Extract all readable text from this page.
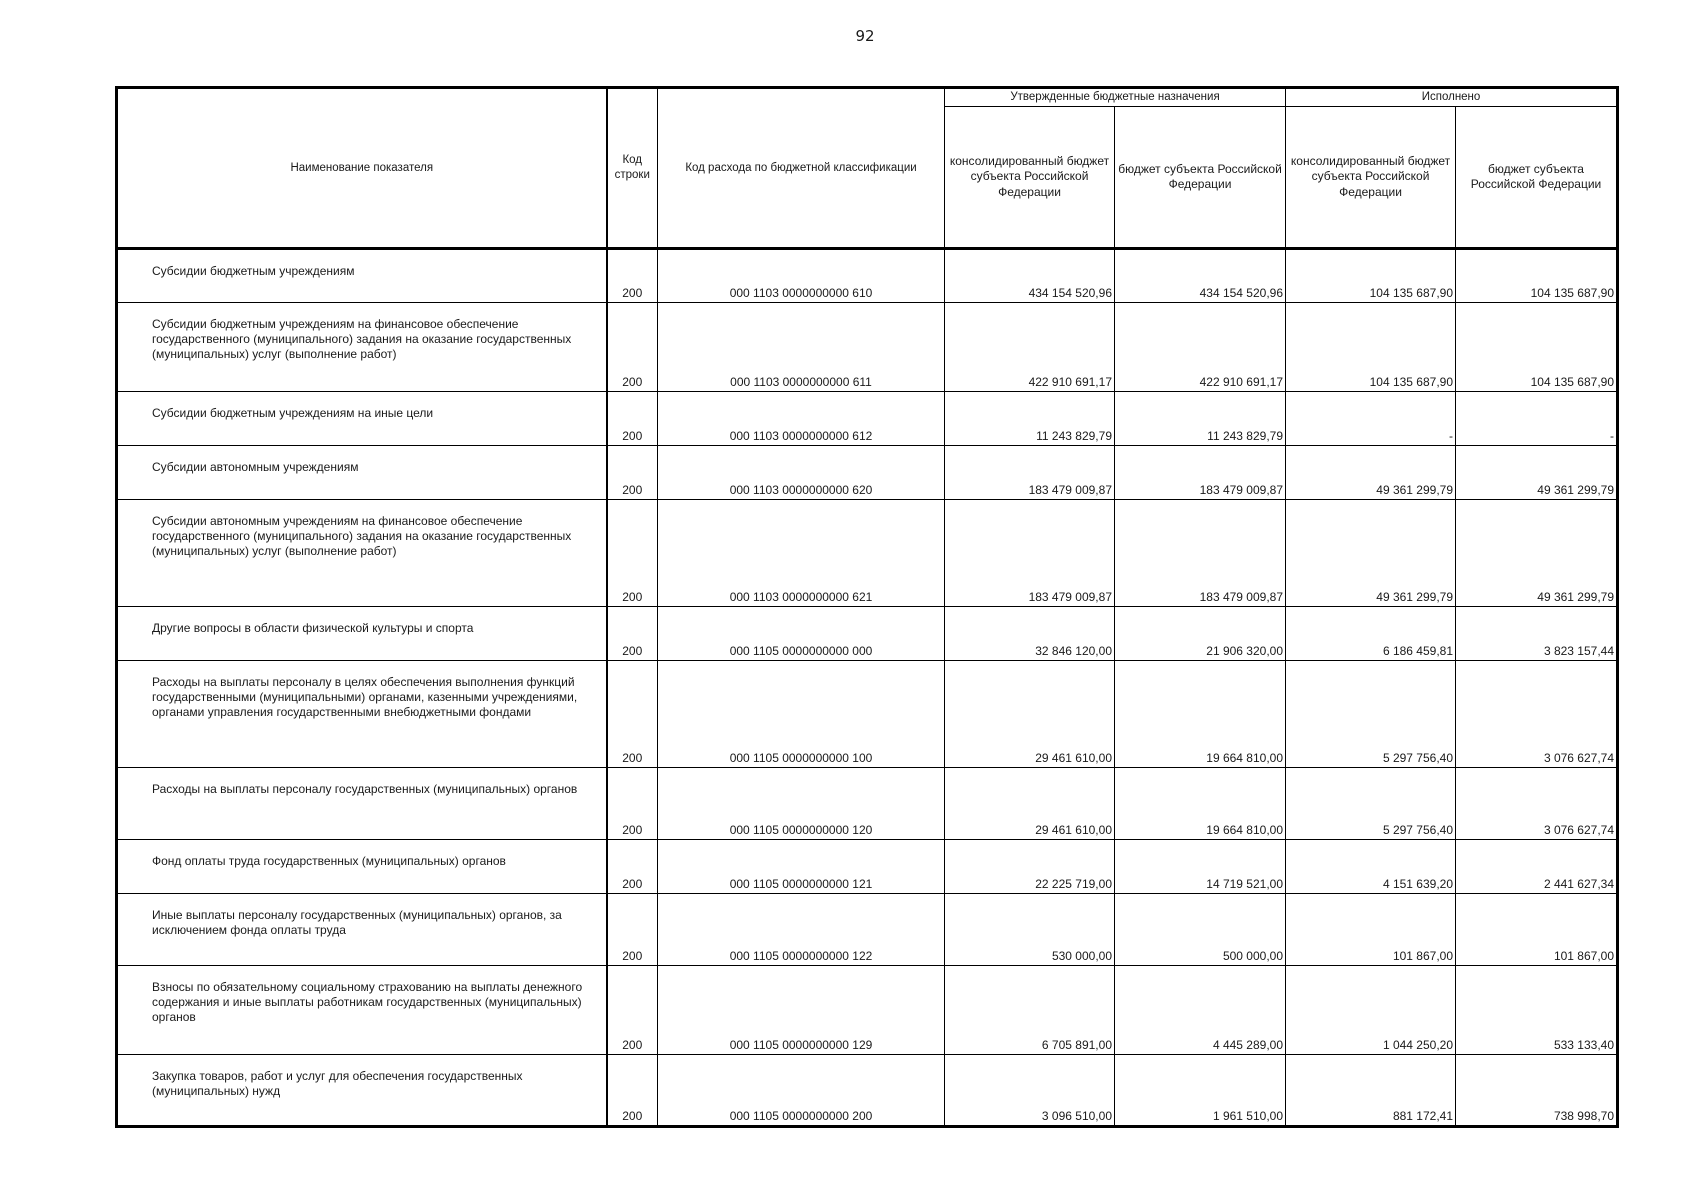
92
Наименование показателя	Код строки	Код расхода по бюджетной классификации	Утвержденные бюджетные назначения		Исполнено	
			консолидированный бюджет субъекта Российской Федерации	бюджет субъекта Российской Федерации	консолидированный бюджет субъекта Российской Федерации	бюджет субъекта Российской Федерации
Субсидии бюджетным учреждениям	200	000 1103 0000000000 610	434 154 520,96	434 154 520,96	104 135 687,90	104 135 687,90
Субсидии бюджетным учреждениям на финансовое обеспечение государственного (муниципального) задания на оказание государственных (муниципальных) услуг (выполнение работ)	200	000 1103 0000000000 611	422 910 691,17	422 910 691,17	104 135 687,90	104 135 687,90
Субсидии бюджетным учреждениям на иные цели	200	000 1103 0000000000 612	11 243 829,79	11 243 829,79	-	-
Субсидии автономным учреждениям	200	000 1103 0000000000 620	183 479 009,87	183 479 009,87	49 361 299,79	49 361 299,79
Субсидии автономным учреждениям на финансовое обеспечение государственного (муниципального) задания на оказание государственных (муниципальных) услуг (выполнение работ)	200	000 1103 0000000000 621	183 479 009,87	183 479 009,87	49 361 299,79	49 361 299,79
Другие вопросы в области физической культуры и спорта	200	000 1105 0000000000 000	32 846 120,00	21 906 320,00	6 186 459,81	3 823 157,44
Расходы на выплаты персоналу в целях обеспечения выполнения функций государственными (муниципальными) органами, казенными учреждениями, органами управления государственными внебюджетными фондами	200	000 1105 0000000000 100	29 461 610,00	19 664 810,00	5 297 756,40	3 076 627,74
Расходы на выплаты персоналу государственных (муниципальных) органов	200	000 1105 0000000000 120	29 461 610,00	19 664 810,00	5 297 756,40	3 076 627,74
Фонд оплаты труда государственных (муниципальных) органов	200	000 1105 0000000000 121	22 225 719,00	14 719 521,00	4 151 639,20	2 441 627,34
Иные выплаты персоналу государственных (муниципальных) органов, за исключением фонда оплаты труда	200	000 1105 0000000000 122	530 000,00	500 000,00	101 867,00	101 867,00
Взносы по обязательному социальному страхованию на выплаты денежного содержания и иные выплаты работникам государственных (муниципальных) органов	200	000 1105 0000000000 129	6 705 891,00	4 445 289,00	1 044 250,20	533 133,40
Закупка товаров, работ и услуг для обеспечения государственных (муниципальных) нужд	200	000 1105 0000000000 200	3 096 510,00	1 961 510,00	881 172,41	738 998,70
